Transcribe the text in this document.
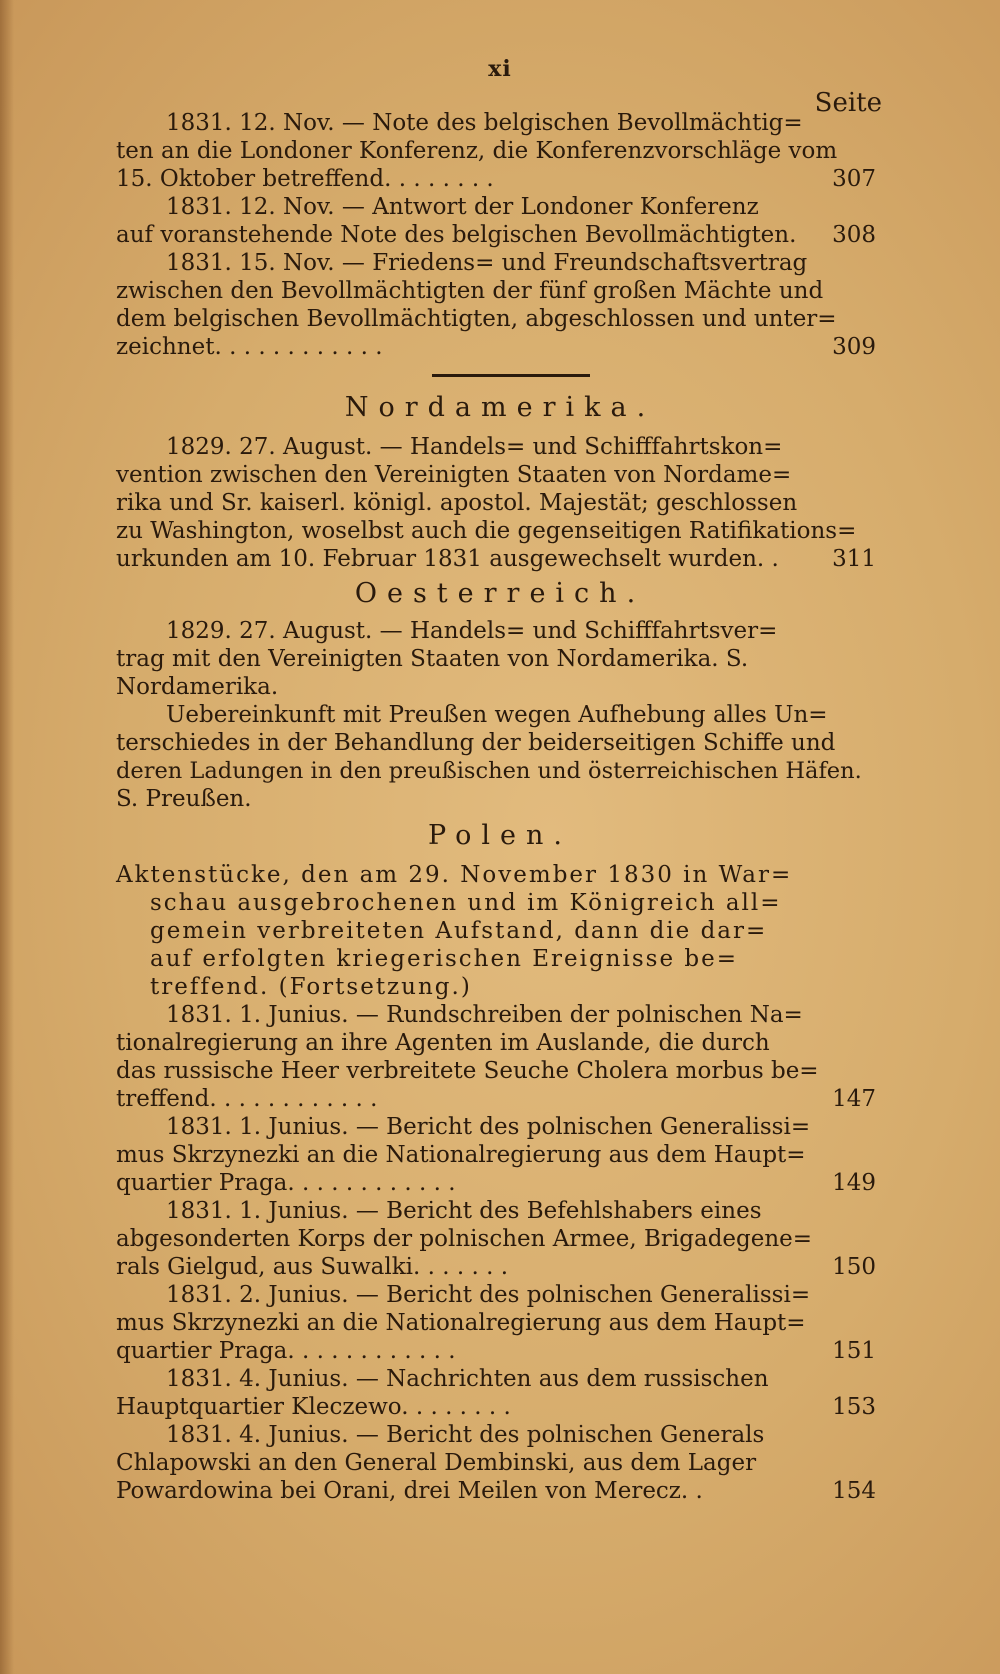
xi
Seite
1831. 12. Nov. — Note des belgischen Bevollmächtig=
ten an die Londoner Konferenz, die Konferenzvorschläge vom
15. Oktober betreffend. . . . . . . .	307
1831. 12. Nov. — Antwort der Londoner Konferenz
auf voranstehende Note des belgischen Bevollmächtigten. 308
1831. 15. Nov. — Friedens= und Freundschaftsvertrag
zwischen den Bevollmächtigten der fünf großen Mächte und
dem belgischen Bevollmächtigten, abgeschlossen und unter=
zeichnet. . . . . . . . . . . .	309
Nordamerika.
1829. 27. August. — Handels= und Schifffahrtskon=
vention zwischen den Vereinigten Staaten von Nordame=
rika und Sr. kaiserl. königl. apostol. Majestät; geschlossen
zu Washington, woselbst auch die gegenseitigen Ratifikations=
urkunden am 10. Februar 1831 ausgewechselt wurden. . 311
Oesterreich.
1829. 27. August. — Handels= und Schifffahrtsver=
trag mit den Vereinigten Staaten von Nordamerika. S.
Nordamerika.
Uebereinkunft mit Preußen wegen Aufhebung alles Un=
terschiedes in der Behandlung der beiderseitigen Schiffe und
deren Ladungen in den preußischen und österreichischen Häfen.
S. Preußen.
Polen.
Aktenstücke, den am 29. November 1830 in War=
schau ausgebrochenen und im Königreich all=
gemein verbreiteten Aufstand, dann die dar=
auf erfolgten kriegerischen Ereignisse be=
treffend. (Fortsetzung.)
1831. 1. Junius. — Rundschreiben der polnischen Na=
tionalregierung an ihre Agenten im Auslande, die durch
das russische Heer verbreitete Seuche Cholera morbus be=
treffend. . . . . . . . . . . .	147
1831. 1. Junius. — Bericht des polnischen Generalissi=
mus Skrzynezki an die Nationalregierung aus dem Haupt=
quartier Praga. . . . . . . . . . . .	149
1831. 1. Junius. — Bericht des Befehlshabers eines
abgesonderten Korps der polnischen Armee, Brigadegene=
rals Gielgud, aus Suwalki. . . . . . .	150
1831. 2. Junius. — Bericht des polnischen Generalissi=
mus Skrzynezki an die Nationalregierung aus dem Haupt=
quartier Praga. . . . . . . . . . . .	151
1831. 4. Junius. — Nachrichten aus dem russischen
Hauptquartier Kleczewo. . . . . . . .	153
1831. 4. Junius. — Bericht des polnischen Generals
Chlapowski an den General Dembinski, aus dem Lager
Powardowina bei Orani, drei Meilen von Merecz. .	154
